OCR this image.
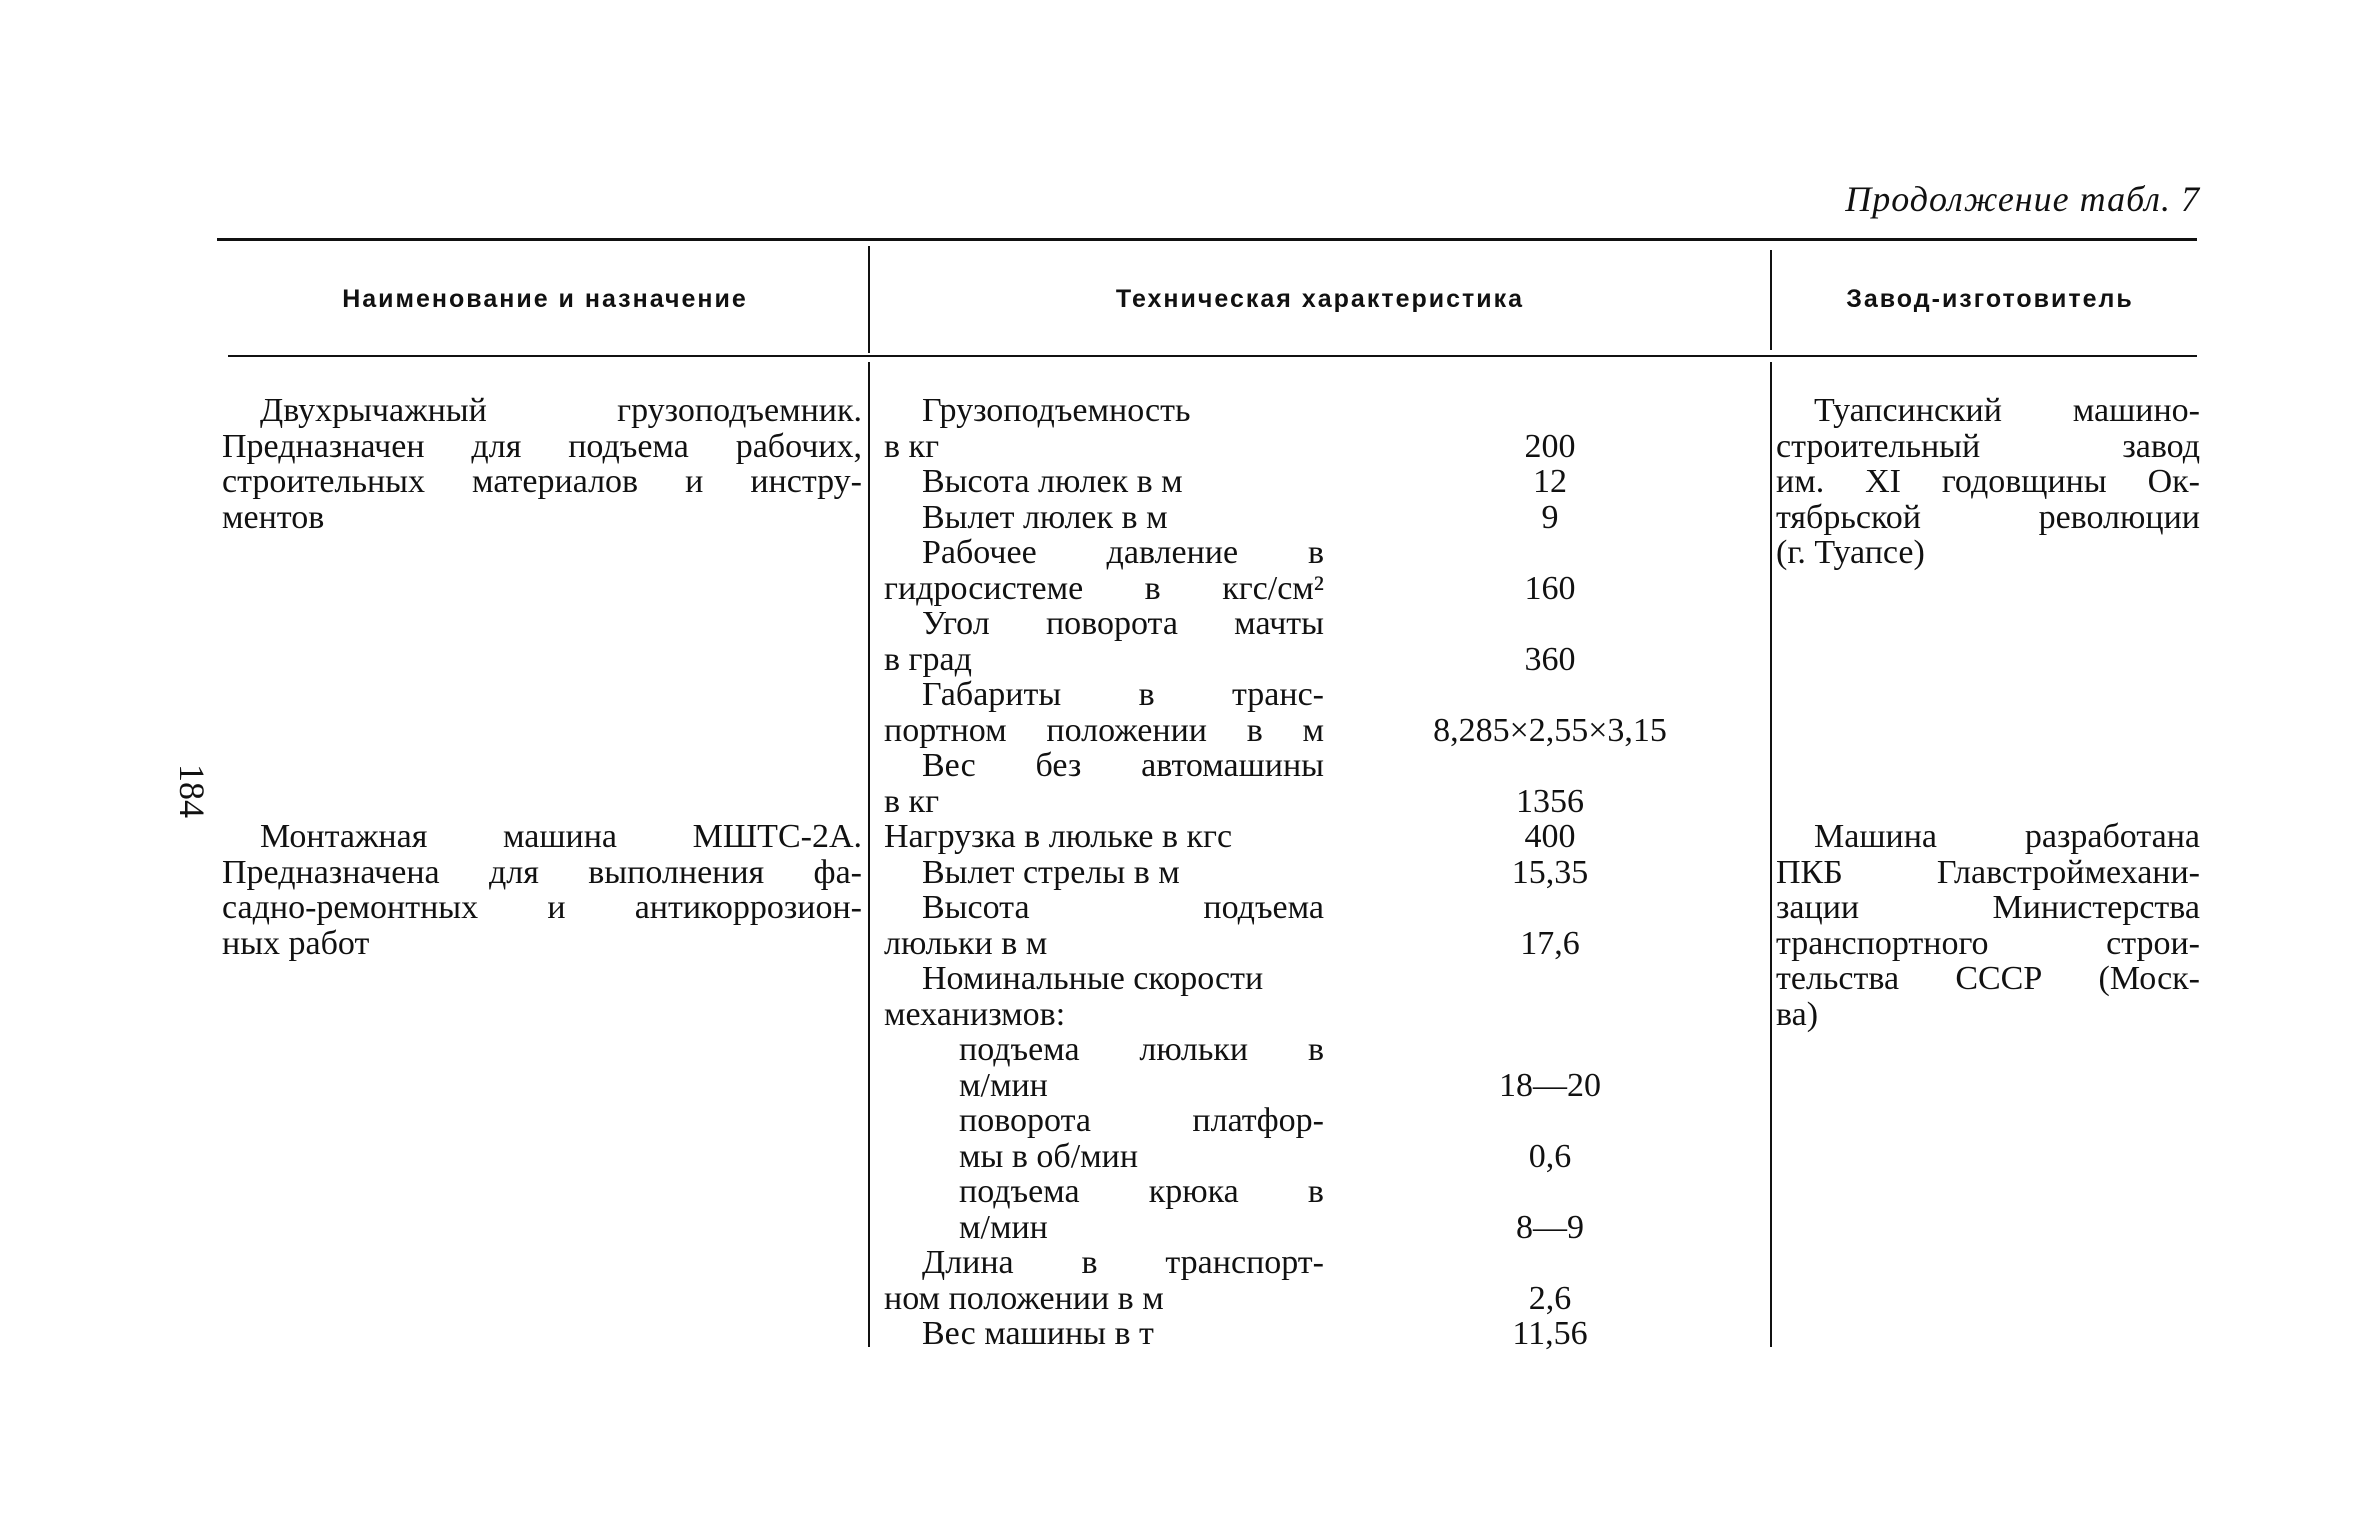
184
Продолжение табл. 7
Наименование и назначение	Техническая характеристика	Завод-изготовитель
Двухрычажный грузоподъемник.
Предназначен для подъема рабочих,
строительных материалов и инстру-
ментов
Туапсинский машино-
строительный завод
им. XI годовщины Ок-
тябрьской революции
(г. Туапсе)
Монтажная машина МШТС-2А.
Предназначена для выполнения фа-
садно-ремонтных и антикоррозион-
ных работ
Машина разработана
ПКБ Главстроймехани-
зации Министерства
транспортного строи-
тельства СССР (Моск-
ва)
Грузоподъемность
в кг
Высота люлек в м
Вылет люлек в м
Рабочее давление в
гидросистеме в кгс/см²
Угол поворота мачты
в град
Габариты в транс-
портном положении в м
Вес без автомашины
в кг
Нагрузка в люльке в кгс
Вылет стрелы в м
Высота подъема
люльки в м
Номинальные скорости
механизмов:
подъема люльки в
м/мин
поворота платфор-
мы в об/мин
подъема крюка в
м/мин
Длина в транспорт-
ном положении в м
Вес машины в т
200
12
9
160
360
8,285×2,55×3,15
1356
400
15,35
17,6
18—20
0,6
8—9
2,6
11,56
